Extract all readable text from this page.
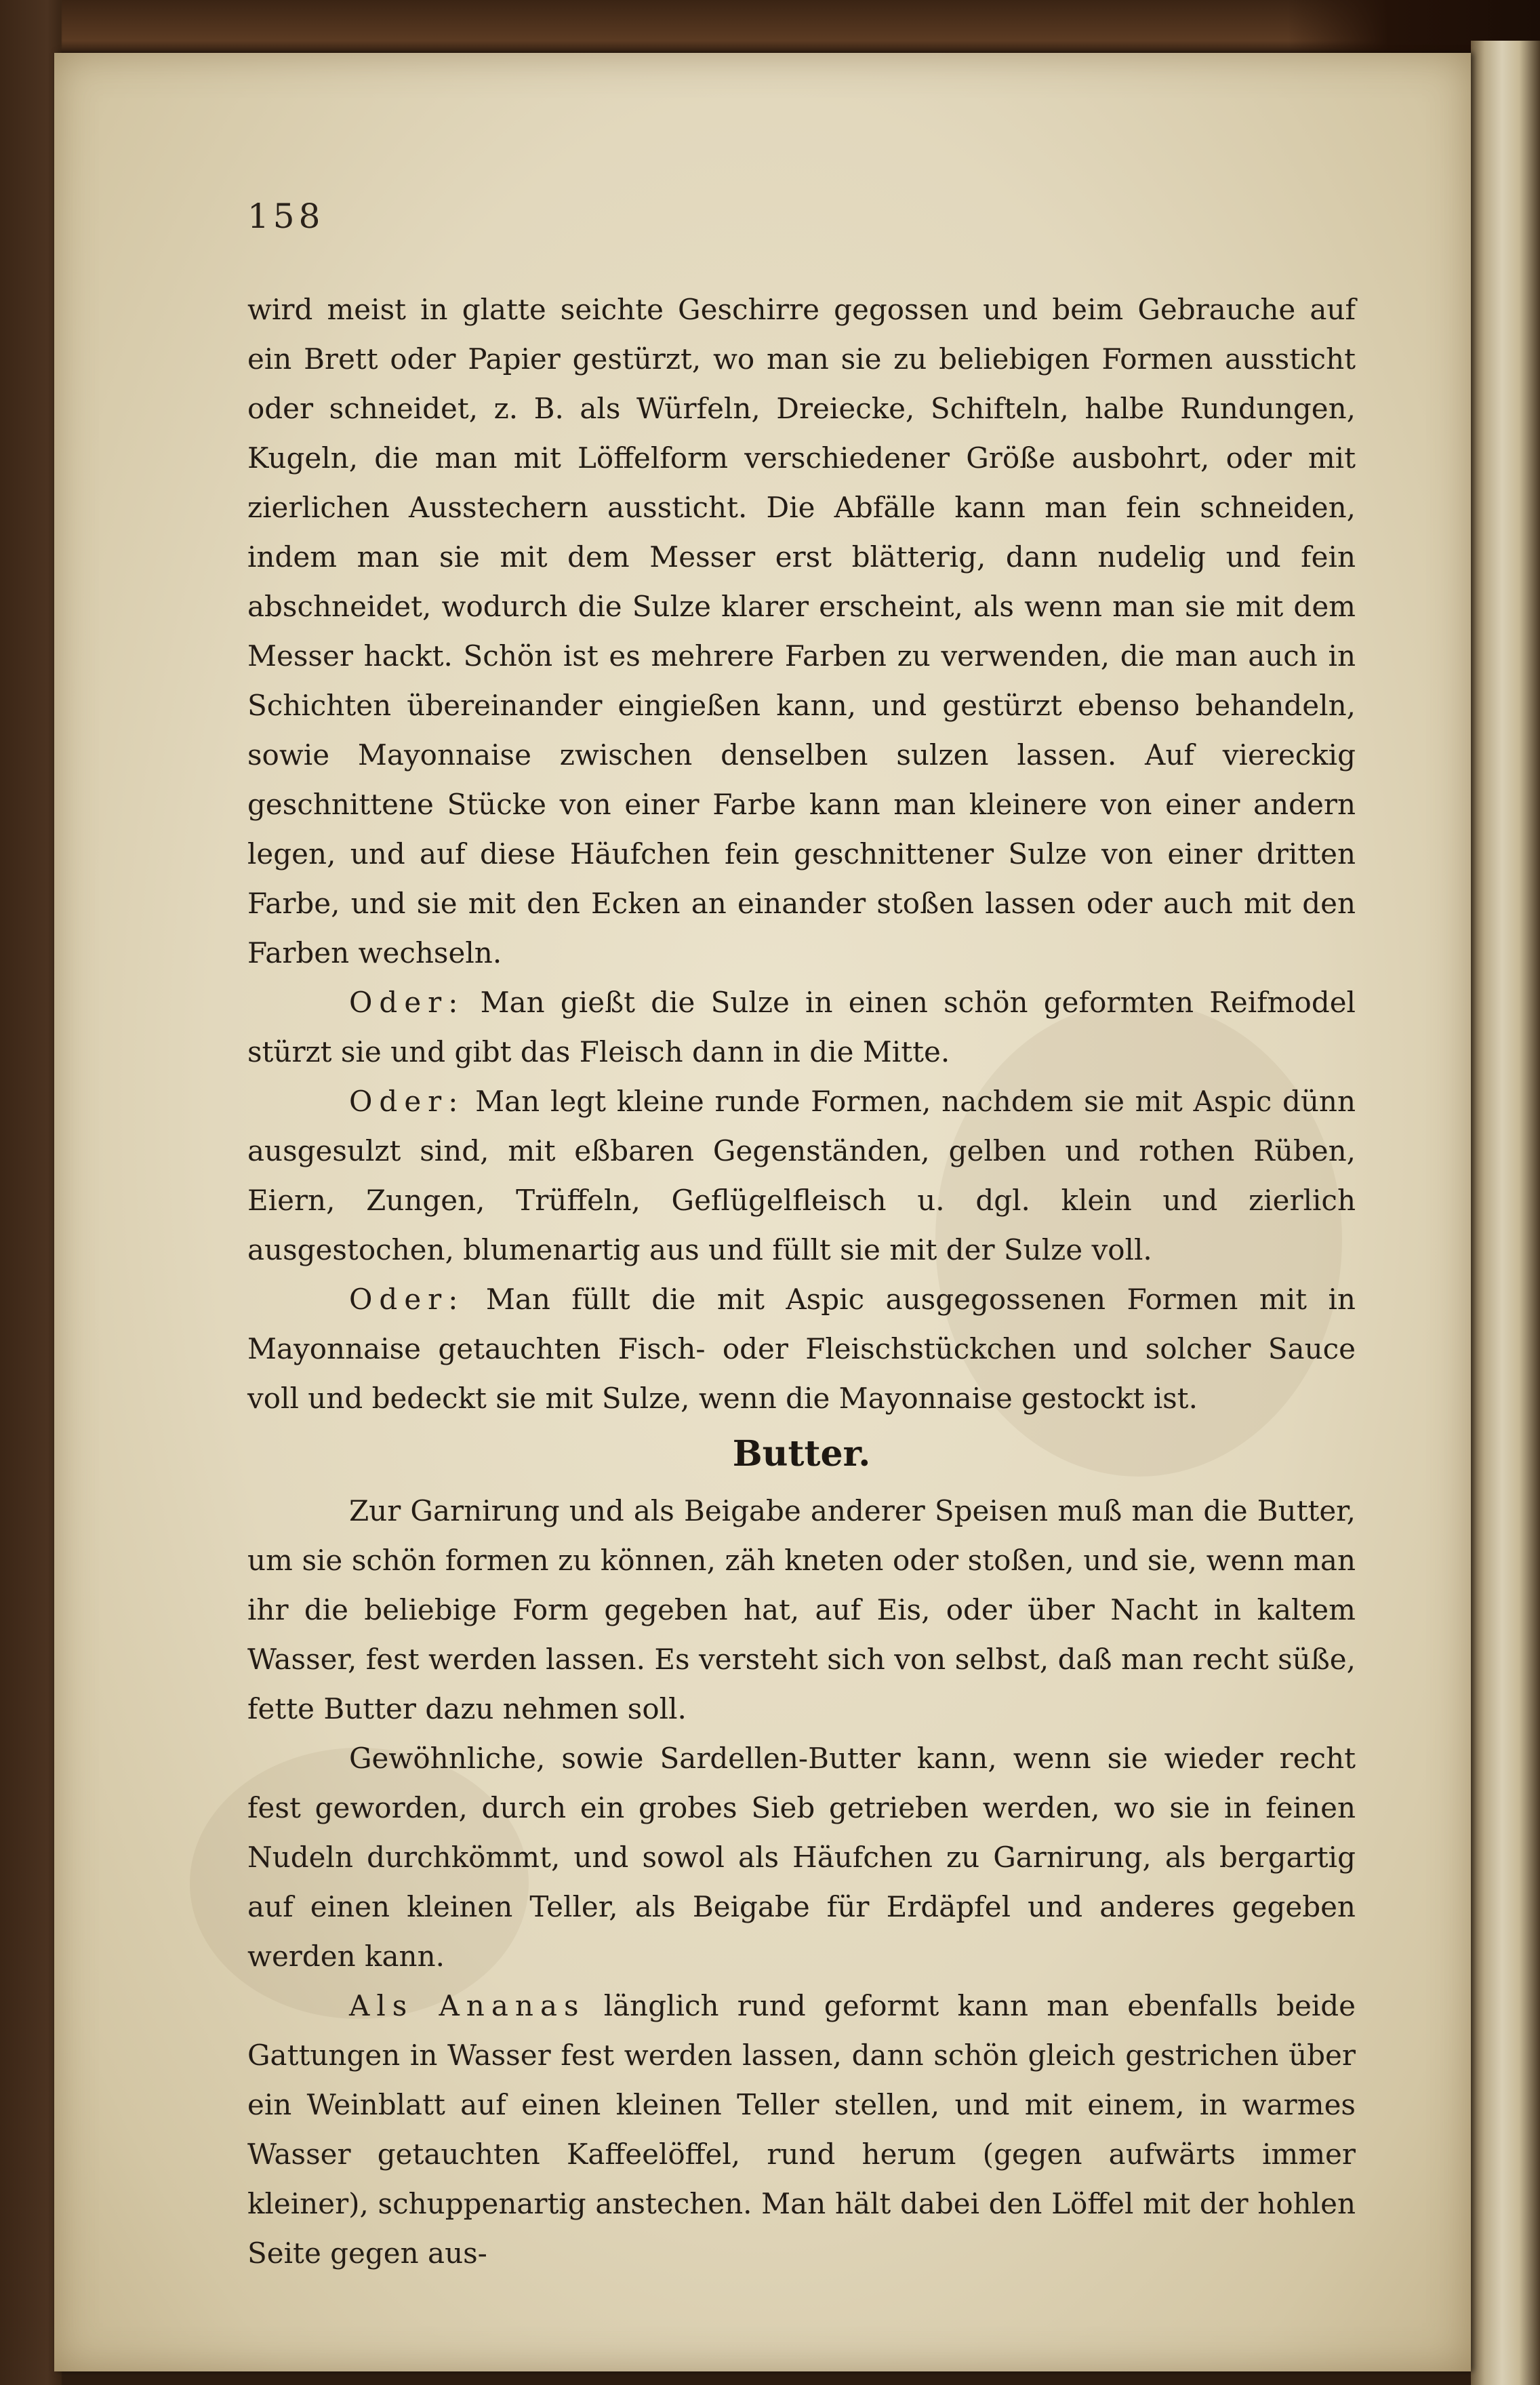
158

wird meist in glatte seichte Geschirre gegossen und beim Gebrauche auf ein Brett oder Papier gestürzt, wo man sie zu beliebigen Formen aussticht oder schneidet, z. B. als Würfeln, Dreiecke, Schifteln, halbe Rundungen, Kugeln, die man mit Löffelform verschiedener Größe ausbohrt, oder mit zierlichen Ausstechern aussticht. Die Abfälle kann man fein schneiden, indem man sie mit dem Messer erst blätterig, dann nudelig und fein abschneidet, wodurch die Sulze klarer erscheint, als wenn man sie mit dem Messer hackt. Schön ist es mehrere Farben zu verwenden, die man auch in Schichten übereinander eingießen kann, und gestürzt ebenso behandeln, sowie Mayonnaise zwischen denselben sulzen lassen. Auf viereckig geschnittene Stücke von einer Farbe kann man kleinere von einer andern legen, und auf diese Häufchen fein geschnittener Sulze von einer dritten Farbe, und sie mit den Ecken an einander stoßen lassen oder auch mit den Farben wechseln.

Oder: Man gießt die Sulze in einen schön geformten Reifmodel stürzt sie und gibt das Fleisch dann in die Mitte.

Oder: Man legt kleine runde Formen, nachdem sie mit Aspic dünn ausgesulzt sind, mit eßbaren Gegenständen, gelben und rothen Rüben, Eiern, Zungen, Trüffeln, Geflügelfleisch u. dgl. klein und zierlich ausgestochen, blumenartig aus und füllt sie mit der Sulze voll.

Oder: Man füllt die mit Aspic ausgegossenen Formen mit in Mayonnaise getauchten Fisch- oder Fleischstückchen und solcher Sauce voll und bedeckt sie mit Sulze, wenn die Mayonnaise gestockt ist.

Butter.

Zur Garnirung und als Beigabe anderer Speisen muß man die Butter, um sie schön formen zu können, zäh kneten oder stoßen, und sie, wenn man ihr die beliebige Form gegeben hat, auf Eis, oder über Nacht in kaltem Wasser, fest werden lassen. Es versteht sich von selbst, daß man recht süße, fette Butter dazu nehmen soll.

Gewöhnliche, sowie Sardellen-Butter kann, wenn sie wieder recht fest geworden, durch ein grobes Sieb getrieben werden, wo sie in feinen Nudeln durchkömmt, und sowol als Häufchen zu Garnirung, als bergartig auf einen kleinen Teller, als Beigabe für Erdäpfel und anderes gegeben werden kann.

Als Ananas länglich rund geformt kann man ebenfalls beide Gattungen in Wasser fest werden lassen, dann schön gleich gestrichen über ein Weinblatt auf einen kleinen Teller stellen, und mit einem, in warmes Wasser getauchten Kaffeelöffel, rund herum (gegen aufwärts immer kleiner), schuppenartig anstechen. Man hält dabei den Löffel mit der hohlen Seite gegen aus-
